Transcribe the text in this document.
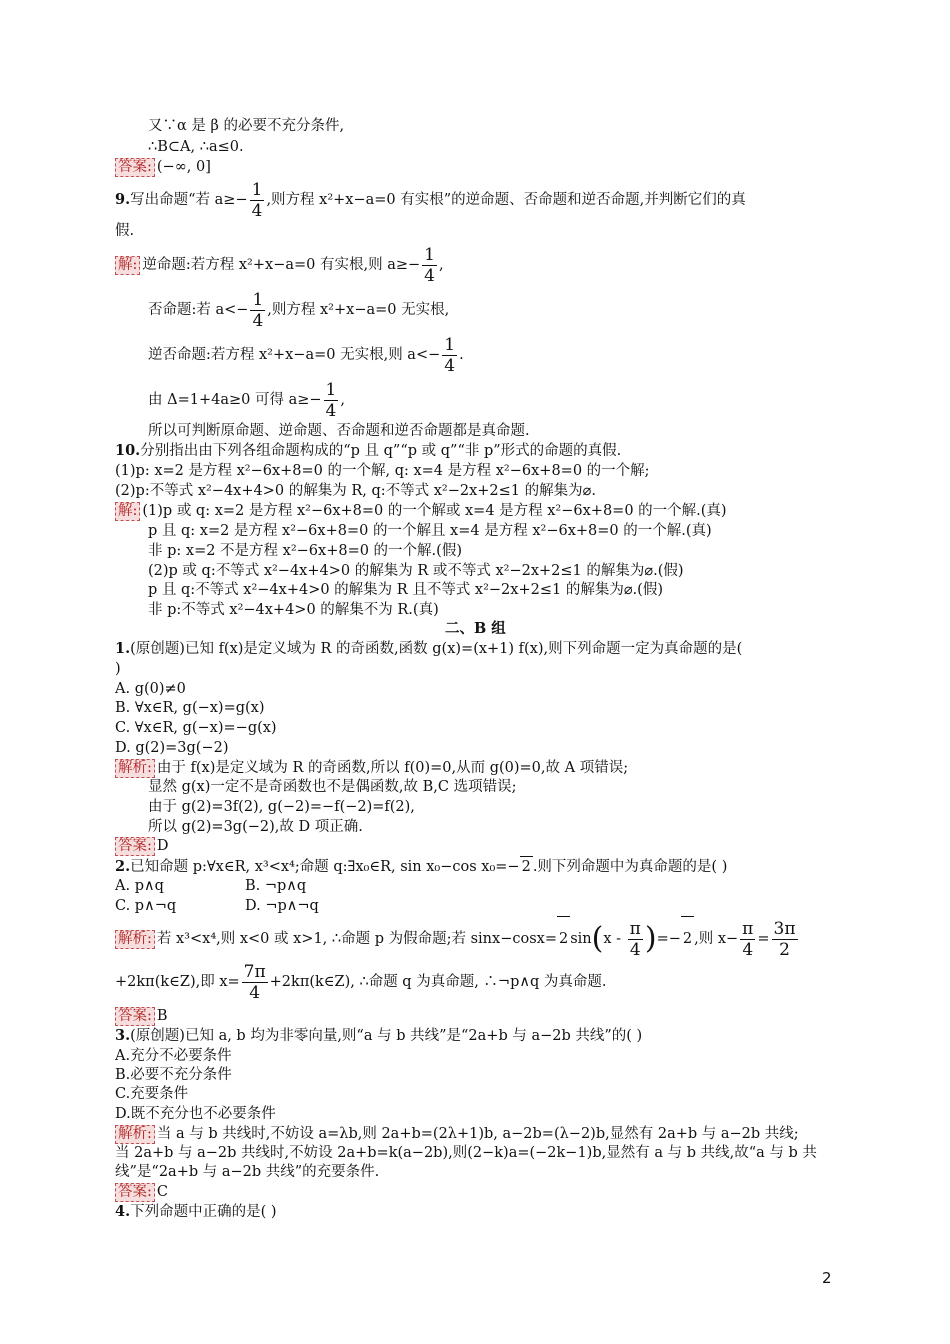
又∵α 是 β 的必要不充分条件,
∴B⊂A, ∴a≤0.
答案: (−∞, 0]
9.写出命题“若 $a\ge- \frac{1}{4}$ ,则方程 x²+x−a=0 有实根”的逆命题、否命题和逆否命题,并判断它们的真
假.
解: 逆命题:若方程 x²+x−a=0 有实根,则 $a\ge- \frac{1}{4}$ ,
否命题:若 $a<- \frac{1}{4}$ ,则方程 x²+x−a=0 无实根,
逆否命题:若方程 x²+x−a=0 无实根,则 $a<- \frac{1}{4}$ .
由 Δ=1+4a≥0 可得 $a\ge- \frac{1}{4}$ ,
所以可判断原命题、逆命题、否命题和逆否命题都是真命题.
10.分别指出由下列各组命题构成的“p 且 q”“p 或 q”“非 p”形式的命题的真假.
(1)p: x=2 是方程 x²−6x+8=0 的一个解, q: x=4 是方程 x²−6x+8=0 的一个解;
(2)p:不等式 x²−4x+4>0 的解集为 R, q:不等式 x²−2x+2≤1 的解集为⌀.
解: (1)p 或 q: x=2 是方程 x²−6x+8=0 的一个解或 x=4 是方程 x²−6x+8=0 的一个解.(真)
p 且 q: x=2 是方程 x²−6x+8=0 的一个解且 x=4 是方程 x²−6x+8=0 的一个解.(真)
非 p: x=2 不是方程 x²−6x+8=0 的一个解.(假)
(2)p 或 q:不等式 x²−4x+4>0 的解集为 R 或不等式 x²−2x+2≤1 的解集为⌀.(假)
p 且 q:不等式 x²−4x+4>0 的解集为 R 且不等式 x²−2x+2≤1 的解集为⌀.(假)
非 p:不等式 x²−4x+4>0 的解集不为 R.(真)
二、B 组
1.(原创题)已知 f(x)是定义域为 R 的奇函数,函数 g(x)=(x+1) f(x),则下列命题一定为真命题的是(
)
A. g(0)≠0
B. ∀x∈R, g(−x)=g(x)
C. ∀x∈R, g(−x)=−g(x)
D. g(2)=3g(−2)
解析: 由于 f(x)是定义域为 R 的奇函数,所以 f(0)=0,从而 g(0)=0,故 A 项错误;
显然 g(x)一定不是奇函数也不是偶函数,故 B,C 选项错误;
由于 g(2)=3f(2), g(−2)=−f(−2)=f(2),
所以 g(2)=3g(−2),故 D 项正确.
答案: D
2.已知命题 p:∀x∈R, x³<x⁴;命题 q:∃x₀∈R, sin x₀−cos x₀=− 2 .则下列命题中为真命题的是( )
A. p∧q	B. ¬p∧q
C. p∧¬q	D. ¬p∧¬q
解析: 若 x³<x⁴,则 x<0 或 x>1, ∴命题 p 为假命题;若 sinx−cosx= 2 $\sin(x - \frac{\pi}{4}$ )=− 2 ,则 $x- \frac{\pi}{4} = \frac{3\pi}{2}$
+2kπ(k∈Z),即 $x= \frac{7\pi}{4}$ +2kπ(k∈Z), ∴命题 q 为真命题, ∴¬p∧q 为真命题.
答案: B
3.(原创题)已知 a, b 均为非零向量,则“a 与 b 共线”是“2a+b 与 a−2b 共线”的( )
A.充分不必要条件
B.必要不充分条件
C.充要条件
D.既不充分也不必要条件
解析: 当 a 与 b 共线时,不妨设 a=λb,则 2a+b=(2λ+1)b, a−2b=(λ−2)b,显然有 2a+b 与 a−2b 共线;
当 2a+b 与 a−2b 共线时,不妨设 2a+b=k(a−2b),则(2−k)a=(−2k−1)b,显然有 a 与 b 共线,故“a 与 b 共
线”是“2a+b 与 a−2b 共线”的充要条件.
答案: C
4.下列命题中正确的是( )
2
